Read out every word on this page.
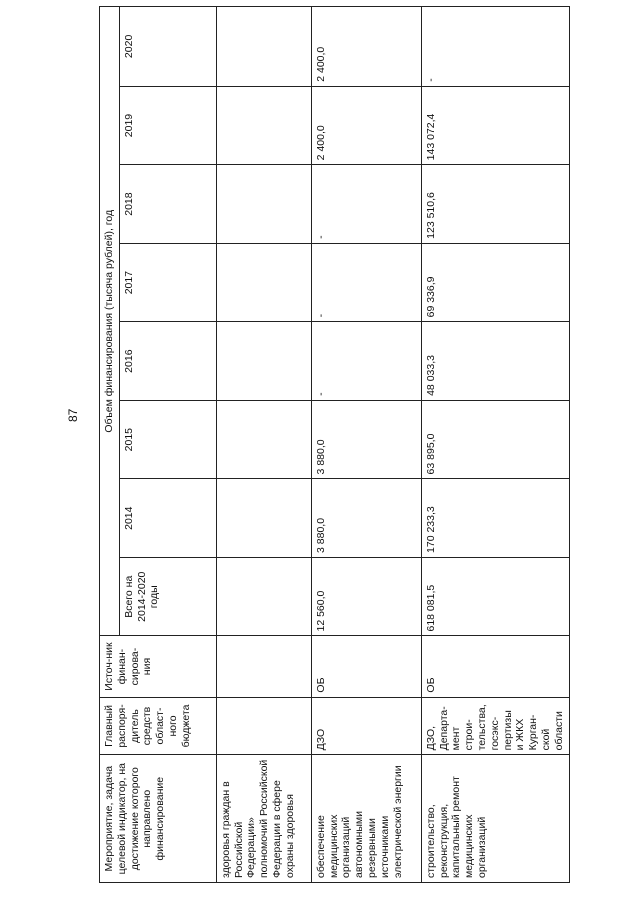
87
Мероприятие, задача целевой индикатор, на достижение которого направлено финансирование	Главный распоря-дитель средств област-ного бюджета	Источ-ник финан-сирова-ния	Объем финансирования (тысяча рублей), год							
			Всего на 2014-2020 годы	2014	2015	2016	2017	2018	2019	2020
здоровья граждан в Российской Федерации» полномочий Российской Федерации в сфере охраны здоровья										
обеспечение медицинских организаций автономными резервными источниками электрической энергии	ДЗО	ОБ	12 560,0	3 880,0	3 880,0	-	-	-	2 400,0	2 400,0
строительство, реконструкция, капитальный ремонт медицинских организаций	ДЗО, Департа-мент строи-тельства, госэкс-пертизы и ЖКХ Курган-ской области	ОБ	618 081,5	170 233,3	63 895,0	48 033,3	69 336,9	123 510,6	143 072,4	-
